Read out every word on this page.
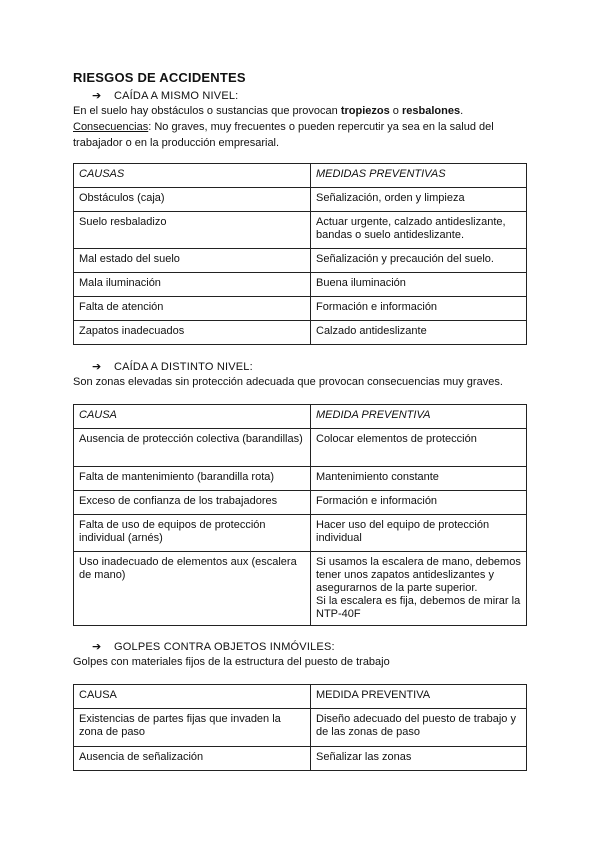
RIESGOS DE ACCIDENTES
➔ CAÍDA A MISMO NIVEL:
En el suelo hay obstáculos o sustancias que provocan tropiezos o resbalones.
Consecuencias: No graves, muy frecuentes o pueden repercutir ya sea en la salud del trabajador o en la producción empresarial.
CAUSAS	MEDIDAS PREVENTIVAS
Obstáculos (caja)	Señalización, orden y limpieza
Suelo resbaladizo	Actuar urgente, calzado antideslizante, bandas o suelo antideslizante.
Mal estado del suelo	Señalización y precaución del suelo.
Mala iluminación	Buena iluminación
Falta de atención	Formación e información
Zapatos inadecuados	Calzado antideslizante
➔ CAÍDA A DISTINTO NIVEL:
Son zonas elevadas sin protección adecuada que provocan consecuencias muy graves.
CAUSA	MEDIDA PREVENTIVA
Ausencia de protección colectiva (barandillas)	Colocar elementos de protección
Falta de mantenimiento (barandilla rota)	Mantenimiento constante
Exceso de confianza de los trabajadores	Formación e información
Falta de uso de equipos de protección individual (arnés)	Hacer uso del equipo de protección individual
Uso inadecuado de elementos aux (escalera de mano)	Si usamos la escalera de mano, debemos tener unos zapatos antideslizantes y asegurarnos de la parte superior.
Si la escalera es fija, debemos de mirar la NTP-40F
➔ GOLPES CONTRA OBJETOS INMÓVILES:
Golpes con materiales fijos de la estructura del puesto de trabajo
CAUSA	MEDIDA PREVENTIVA
Existencias de partes fijas que invaden la zona de paso	Diseño adecuado del puesto de trabajo y de las zonas de paso
Ausencia de señalización	Señalizar las zonas
